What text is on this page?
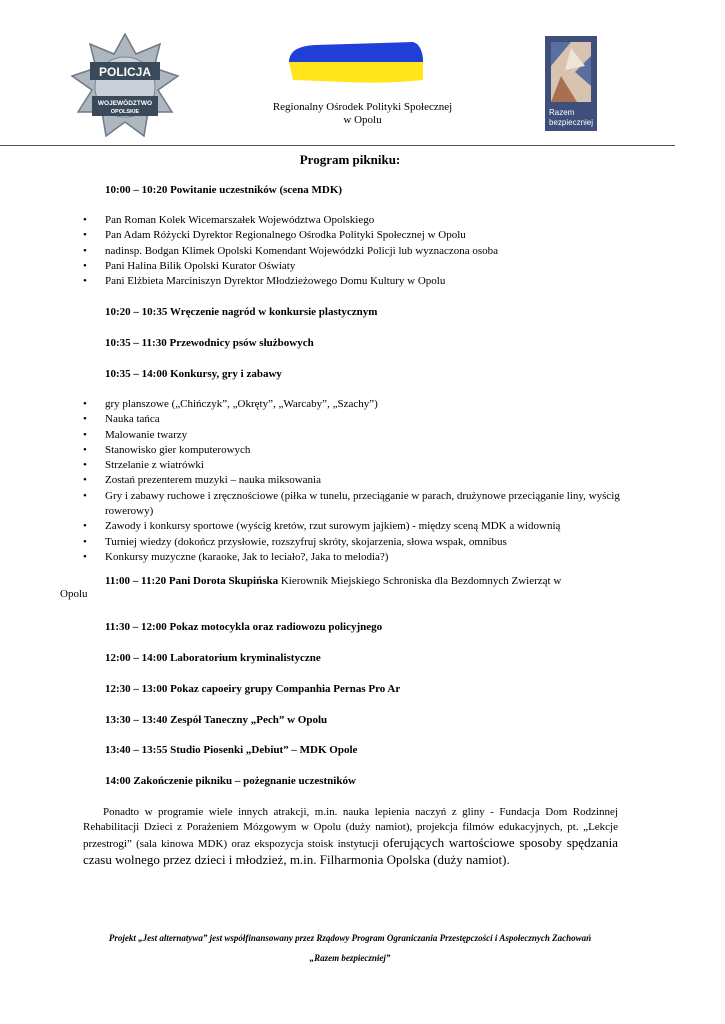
POLICJA
WOJEWÓDZTWO
OPOLSKIE	Regionalny Ośrodek Polityki Społecznej
w Opolu
Razem
bezpieczniej
Program pikniku:
10:00 – 10:20 Powitanie uczestników (scena MDK)
• Pan Roman Kolek Wicemarszałek Województwa Opolskiego
• Pan Adam Różycki Dyrektor Regionalnego Ośrodka Polityki Społecznej w Opolu
• nadinsp. Bodgan Klimek Opolski Komendant Wojewódzki Policji lub wyznaczona osoba
• Pani Halina Bilik Opolski Kurator Oświaty
• Pani Elżbieta Marciniszyn Dyrektor Młodzieżowego Domu Kultury w Opolu
10:20 – 10:35 Wręczenie nagród w konkursie plastycznym
10:35 – 11:30 Przewodnicy psów służbowych
10:35 – 14:00 Konkursy, gry i zabawy
• gry planszowe („Chińczyk”, „Okręty”, „Warcaby”, „Szachy”)
• Nauka tańca
• Malowanie twarzy
• Stanowisko gier komputerowych
• Strzelanie z wiatrówki
• Zostań prezenterem muzyki – nauka miksowania
• Gry i zabawy ruchowe i zręcznościowe (piłka w tunelu, przeciąganie w parach, drużynowe przeciąganie liny, wyścig rowerowy)
• Zawody i konkursy sportowe (wyścig kretów, rzut surowym jajkiem) - między sceną MDK a widownią
• Turniej wiedzy (dokończ przysłowie, rozszyfruj skróty, skojarzenia, słowa wspak, omnibus
• Konkursy muzyczne (karaoke, Jak to leciało?, Jaka to melodia?)
11:00 – 11:20 Pani Dorota Skupińska Kierownik Miejskiego Schroniska dla Bezdomnych Zwierząt w
Opolu
11:30 – 12:00 Pokaz motocykla oraz radiowozu policyjnego
12:00 – 14:00 Laboratorium kryminalistyczne
12:30 – 13:00 Pokaz capoeiry grupy Companhia Pernas Pro Ar
13:30 – 13:40 Zespół Taneczny „Pech” w Opolu
13:40 – 13:55 Studio Piosenki „Debiut” – MDK Opole
14:00 Zakończenie pikniku – pożegnanie uczestników
Ponadto w programie wiele innych atrakcji, m.in. nauka lepienia naczyń z gliny - Fundacja Dom Rodzinnej Rehabilitacji Dzieci z Porażeniem Mózgowym w Opolu (duży namiot), projekcja filmów edukacyjnych, pt. „Lekcje przestrogi” (sala kinowa MDK) oraz ekspozycja stoisk instytucji oferujących wartościowe sposoby spędzania czasu wolnego przez dzieci i młodzież, m.in. Filharmonia Opolska (duży namiot).
Projekt „Jest alternatywa” jest współfinansowany przez Rządowy Program Ograniczania Przestępczości i Aspołecznych Zachowań
„Razem bezpieczniej”
